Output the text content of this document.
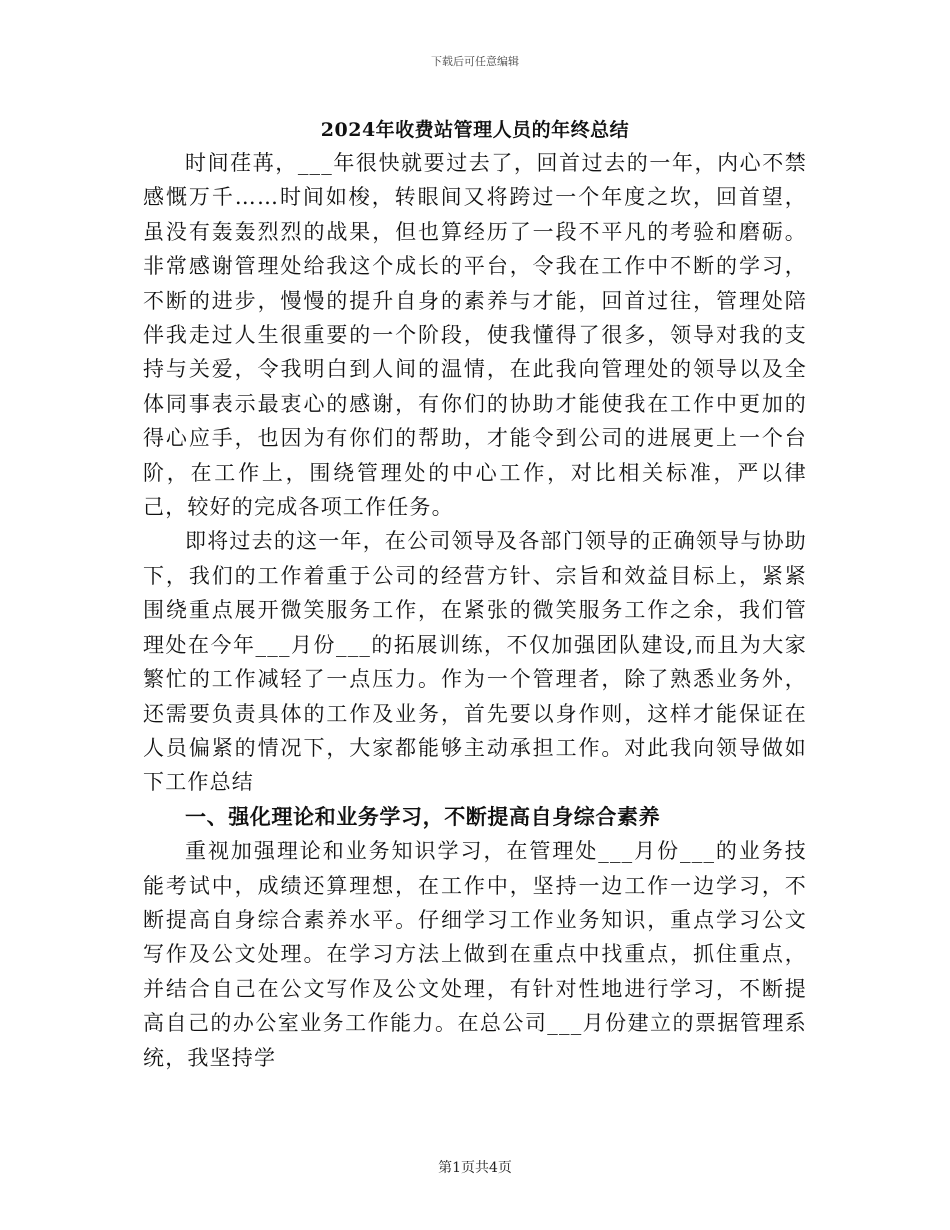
下载后可任意编辑
2024年收费站管理人员的年终总结

时间荏苒，___年很快就要过去了，回首过去的一年，内心不禁感慨万千……时间如梭，转眼间又将跨过一个年度之坎，回首望，虽没有轰轰烈烈的战果，但也算经历了一段不平凡的考验和磨砺。非常感谢管理处给我这个成长的平台，令我在工作中不断的学习，不断的进步，慢慢的提升自身的素养与才能，回首过往，管理处陪伴我走过人生很重要的一个阶段，使我懂得了很多，领导对我的支持与关爱，令我明白到人间的温情，在此我向管理处的领导以及全体同事表示最衷心的感谢，有你们的协助才能使我在工作中更加的得心应手，也因为有你们的帮助，才能令到公司的进展更上一个台阶，在工作上，围绕管理处的中心工作，对比相关标准，严以律己，较好的完成各项工作任务。

即将过去的这一年，在公司领导及各部门领导的正确领导与协助下，我们的工作着重于公司的经营方针、宗旨和效益目标上，紧紧围绕重点展开微笑服务工作，在紧张的微笑服务工作之余，我们管理处在今年___月份___的拓展训练，不仅加强团队建设,而且为大家繁忙的工作减轻了一点压力。作为一个管理者，除了熟悉业务外，还需要负责具体的工作及业务，首先要以身作则，这样才能保证在人员偏紧的情况下，大家都能够主动承担工作。对此我向领导做如下工作总结

一、强化理论和业务学习，不断提高自身综合素养

重视加强理论和业务知识学习，在管理处___月份___的业务技能考试中，成绩还算理想，在工作中，坚持一边工作一边学习，不断提高自身综合素养水平。仔细学习工作业务知识，重点学习公文写作及公文处理。在学习方法上做到在重点中找重点，抓住重点，并结合自己在公文写作及公文处理，有针对性地进行学习，不断提高自己的办公室业务工作能力。在总公司___月份建立的票据管理系统，我坚持学

第1页共4页
